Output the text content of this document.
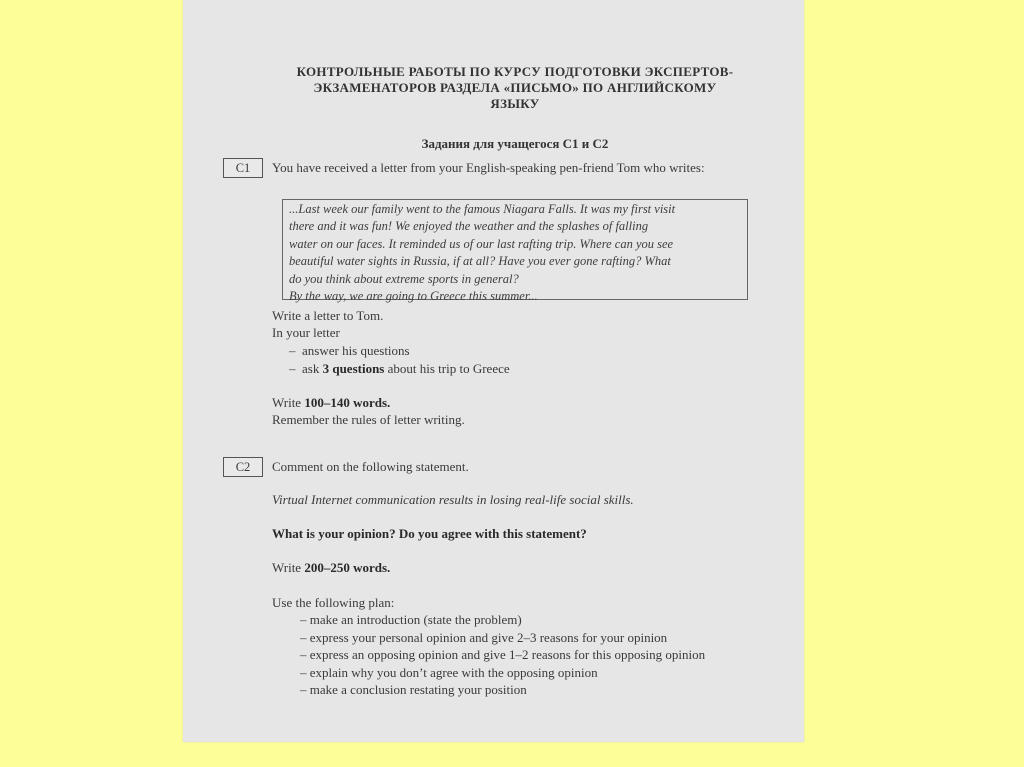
КОНТРОЛЬНЫЕ РАБОТЫ ПО КУРСУ ПОДГОТОВКИ ЭКСПЕРТОВ-
ЭКЗАМЕНАТОРОВ РАЗДЕЛА «ПИСЬМО» ПО АНГЛИЙСКОМУ
ЯЗЫКУ
Задания для учащегося С1 и С2
C1	You have received a letter from your English-speaking pen-friend Tom who writes:

...Last week our family went to the famous Niagara Falls. It was my first visit

there and it was fun! We enjoyed the weather and the splashes of falling

water on our faces. It reminded us of our last rafting trip. Where can you see

beautiful water sights in Russia, if at all? Have you ever gone rafting? What

do you think about extreme sports in general?

By the way, we are going to Greece this summer...

Write a letter to Tom.
In your letter
–  answer his questions
–  ask 3 questions about his trip to Greece
Write 100–140 words.
Remember the rules of letter writing.
C2	Comment on the following statement.
Virtual Internet communication results in losing real-life social skills.
What is your opinion? Do you agree with this statement?
Write 200–250 words.
Use the following plan:
– make an introduction (state the problem)
– express your personal opinion and give 2–3 reasons for your opinion
– express an opposing opinion and give 1–2 reasons for this opposing opinion
– explain why you don’t agree with the opposing opinion
– make a conclusion restating your position
